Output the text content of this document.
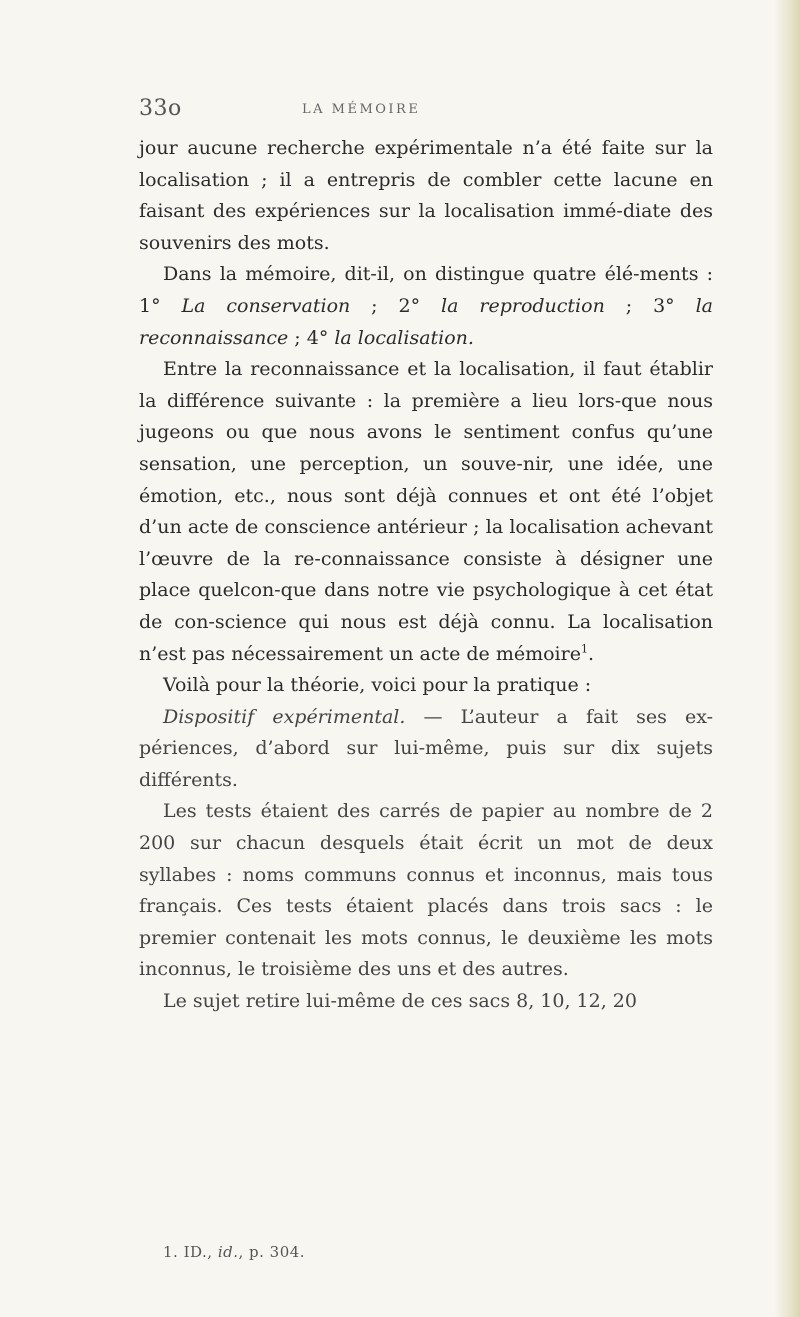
33o	LA MÉMOIRE

jour aucune recherche expérimentale n’a été faite sur la localisation ; il a entrepris de combler cette lacune en faisant des expériences sur la localisation immé-diate des souvenirs des mots.

Dans la mémoire, dit-il, on distingue quatre élé-ments : 1° La conservation ; 2° la reproduction ; 3° la reconnaissance ; 4° la localisation.

Entre la reconnaissance et la localisation, il faut établir la différence suivante : la première a lieu lors-que nous jugeons ou que nous avons le sentiment confus qu’une sensation, une perception, un souve-nir, une idée, une émotion, etc., nous sont déjà connues et ont été l’objet d’un acte de conscience antérieur ; la localisation achevant l’œuvre de la re-connaissance consiste à désigner une place quelcon-que dans notre vie psychologique à cet état de con-science qui nous est déjà connu. La localisation n’est pas nécessairement un acte de mémoire$^1$.

Voilà pour la théorie, voici pour la pratique :

Dispositif expérimental. — L’auteur a fait ses ex-périences, d’abord sur lui-même, puis sur dix sujets différents.

Les tests étaient des carrés de papier au nombre de 2 200 sur chacun desquels était écrit un mot de deux syllabes : noms communs connus et inconnus, mais tous français. Ces tests étaient placés dans trois sacs : le premier contenait les mots connus, le deuxième les mots inconnus, le troisième des uns et des autres.

Le sujet retire lui-même de ces sacs 8, 10, 12, 20

1. ID., id., p. 304.
